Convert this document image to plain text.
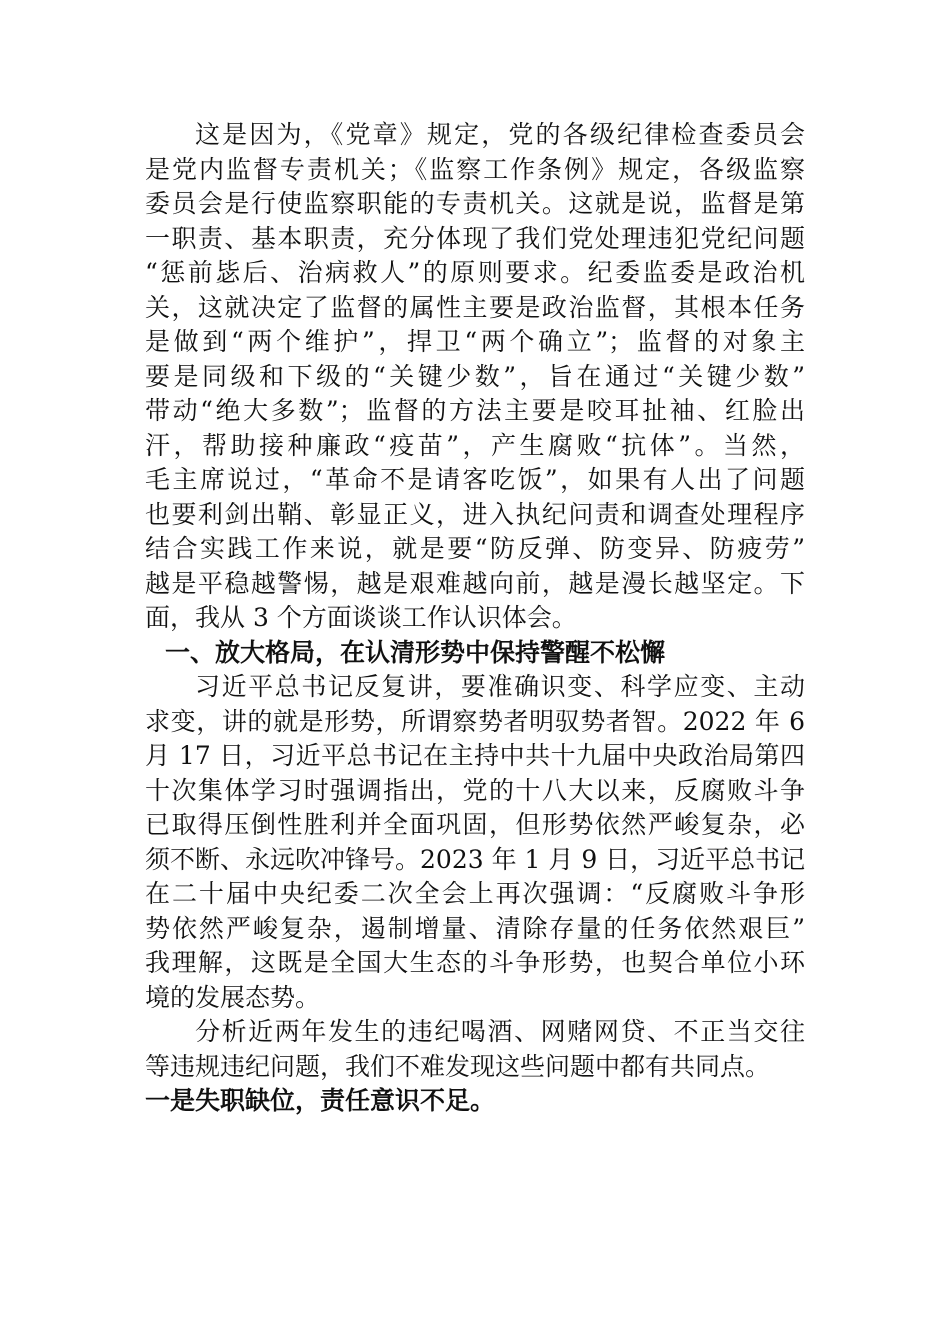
这是因为，《党章》规定，党的各级纪律检查委员会
是党内监督专责机关；《监察工作条例》规定，各级监察
委员会是行使监察职能的专责机关。这就是说，监督是第
一职责、基本职责，充分体现了我们党处理违犯党纪问题
“惩前毖后、治病救人”的原则要求。纪委监委是政治机
关，这就决定了监督的属性主要是政治监督，其根本任务
是做到“两个维护”，捍卫“两个确立”；监督的对象主
要是同级和下级的“关键少数”，旨在通过“关键少数”
带动“绝大多数”；监督的方法主要是咬耳扯袖、红脸出
汗，帮助接种廉政“疫苗”，产生腐败“抗体”。当然，
毛主席说过，“革命不是请客吃饭”，如果有人出了问题
也要利剑出鞘、彰显正义，进入执纪问责和调查处理程序
结合实践工作来说，就是要“防反弹、防变异、防疲劳”
越是平稳越警惕，越是艰难越向前，越是漫长越坚定。下
面，我从 3 个方面谈谈工作认识体会。
一、放大格局，在认清形势中保持警醒不松懈
习近平总书记反复讲，要准确识变、科学应变、主动
求变，讲的就是形势，所谓察势者明驭势者智。2022 年 6
月 17 日，习近平总书记在主持中共十九届中央政治局第四
十次集体学习时强调指出，党的十八大以来，反腐败斗争
已取得压倒性胜利并全面巩固，但形势依然严峻复杂，必
须不断、永远吹冲锋号。2023 年 1 月 9 日，习近平总书记
在二十届中央纪委二次全会上再次强调：“反腐败斗争形
势依然严峻复杂，遏制增量、清除存量的任务依然艰巨”
我理解，这既是全国大生态的斗争形势，也契合单位小环
境的发展态势。
分析近两年发生的违纪喝酒、网赌网贷、不正当交往
等违规违纪问题，我们不难发现这些问题中都有共同点。
一是失职缺位，责任意识不足。
